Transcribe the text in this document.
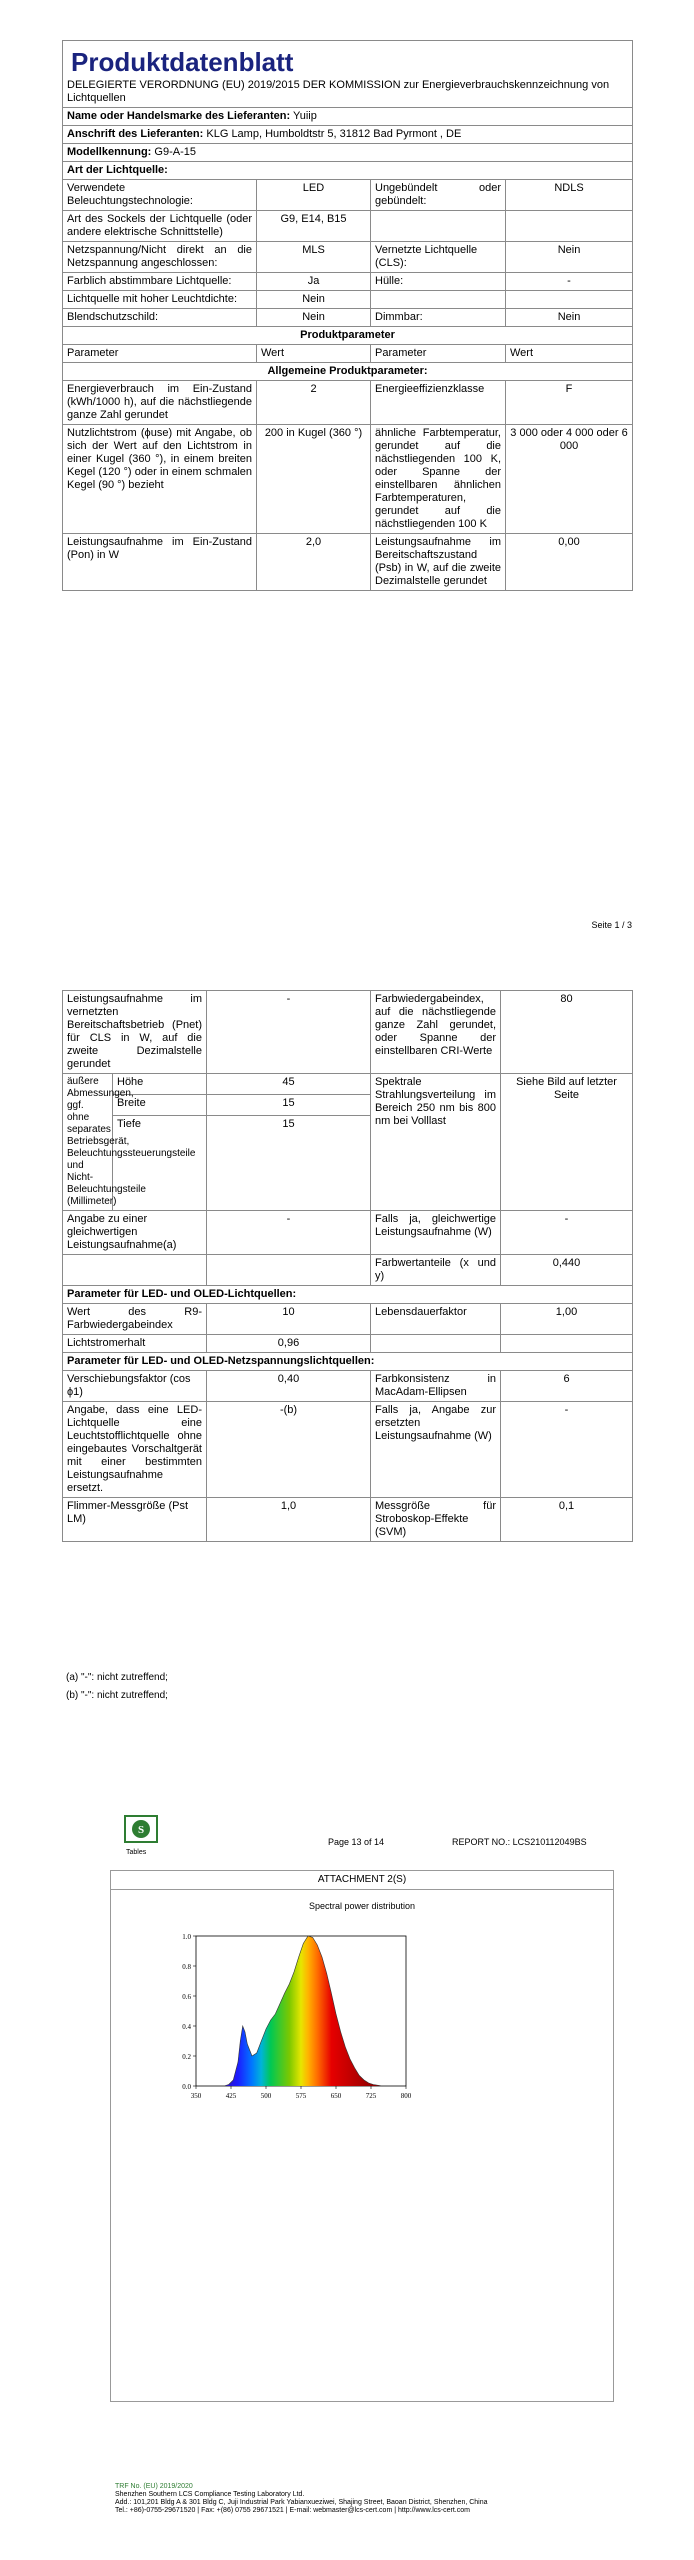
Produktdatenblatt
DELEGIERTE VERORDNUNG (EU) 2019/2015 DER KOMMISSION zur Energieverbrauchskennzeichnung von Lichtquellen			

Name oder Handelsmarke des Lieferanten: Yuiip			
Anschrift des Lieferanten: KLG Lamp, Humboldtstr 5, 31812 Bad Pyrmont , DE			
Modellkennung: G9-A-15			
Art der Lichtquelle:			
Verwendete Beleuchtungstechnologie:	LED	Ungebündelt oder gebündelt:	NDLS
Art des Sockels der Lichtquelle (oder andere elektrische Schnittstelle)	G9, E14, B15		
Netzspannung/Nicht direkt an die Netzspannung angeschlossen:	MLS	Vernetzte Lichtquelle (CLS):	Nein
Farblich abstimmbare Lichtquelle:	Ja	Hülle:	-
Lichtquelle mit hoher Leuchtdichte:	Nein		
Blendschutzschild:	Nein	Dimmbar:	Nein
Produktparameter			
Parameter	Wert	Parameter	Wert
Allgemeine Produktparameter:			
Energieverbrauch im Ein-Zustand (kWh/1000 h), auf die nächstliegende ganze Zahl gerundet	2	Energieeffizienzklasse	F
Nutzlichtstrom (ϕuse) mit Angabe, ob sich der Wert auf den Lichtstrom in einer Kugel (360 °), in einem breiten Kegel (120 °) oder in einem schmalen Kegel (90 °) bezieht	200 in Kugel (360 °)	ähnliche Farbtemperatur, gerundet auf die nächstliegenden 100 K, oder Spanne der einstellbaren ähnlichen Farbtemperaturen, gerundet auf die nächstliegenden 100 K	3 000 oder 4 000 oder 6 000
Leistungsaufnahme im Ein-Zustand (Pon) in W	2,0	Leistungsaufnahme im Bereitschaftszustand (Psb) in W, auf die zweite Dezimalstelle gerundet	0,00
Seite 1 / 3
Leistungsaufnahme im vernetzten Bereitschaftsbetrieb (Pnet) für CLS in W, auf die zweite Dezimalstelle gerundet		-	Farbwiedergabeindex, auf die nächstliegende ganze Zahl gerundet, oder Spanne der einstellbaren CRI-Werte	80
äußere Abmessungen, ggf. ohne separates Betriebsgerät, Beleuchtungssteuerungsteile und Nicht-Beleuchtungsteile (Millimeter)	Höhe	45	Spektrale Strahlungsverteilung im Bereich 250 nm bis 800 nm bei Volllast	Siehe Bild auf letzter Seite
	Breite	15		
	Tiefe	15		
Angabe zu einer gleichwertigen Leistungsaufnahme(a)		-	Falls ja, gleichwertige Leistungsaufnahme (W)	-
			Farbwertanteile (x und y)	0,440
Parameter für LED- und OLED-Lichtquellen:				
Wert des R9-Farbwiedergabeindex		10	Lebensdauerfaktor	1,00
Lichtstromerhalt		0,96		
Parameter für LED- und OLED-Netzspannungslichtquellen:				
Verschiebungsfaktor (cos ϕ1)		0,40	Farbkonsistenz in MacAdam-Ellipsen	6
Angabe, dass eine LED-Lichtquelle eine Leuchtstofflichtquelle ohne eingebautes Vorschaltgerät mit einer bestimmten Leistungsaufnahme ersetzt.		-(b)	Falls ja, Angabe zur ersetzten Leistungsaufnahme (W)	-
Flimmer-Messgröße (Pst LM)		1,0	Messgröße für Stroboskop-Effekte (SVM)	0,1
(a) "-": nicht zutreffend;
(b) "-": nicht zutreffend;
S
Tables
Page 13 of 14	REPORT NO.: LCS210112049BS
ATTACHMENT 2(S)
Spectral power distribution
0.0
0.2
0.4
0.6
0.8
1.0
350	425	500	575	650	725	800
TRF No. (EU) 2019/2020
Shenzhen Southern LCS Compliance Testing Laboratory Ltd.
Add.: 101,201 Bldg A & 301 Bldg C, Juji Industrial Park Yabianxueziwei, Shajing Street, Baoan District, Shenzhen, China
Tel.: +86)-0755-29671520 | Fax: +(86) 0755 29671521 | E-mail: webmaster@lcs-cert.com | http://www.lcs-cert.com
